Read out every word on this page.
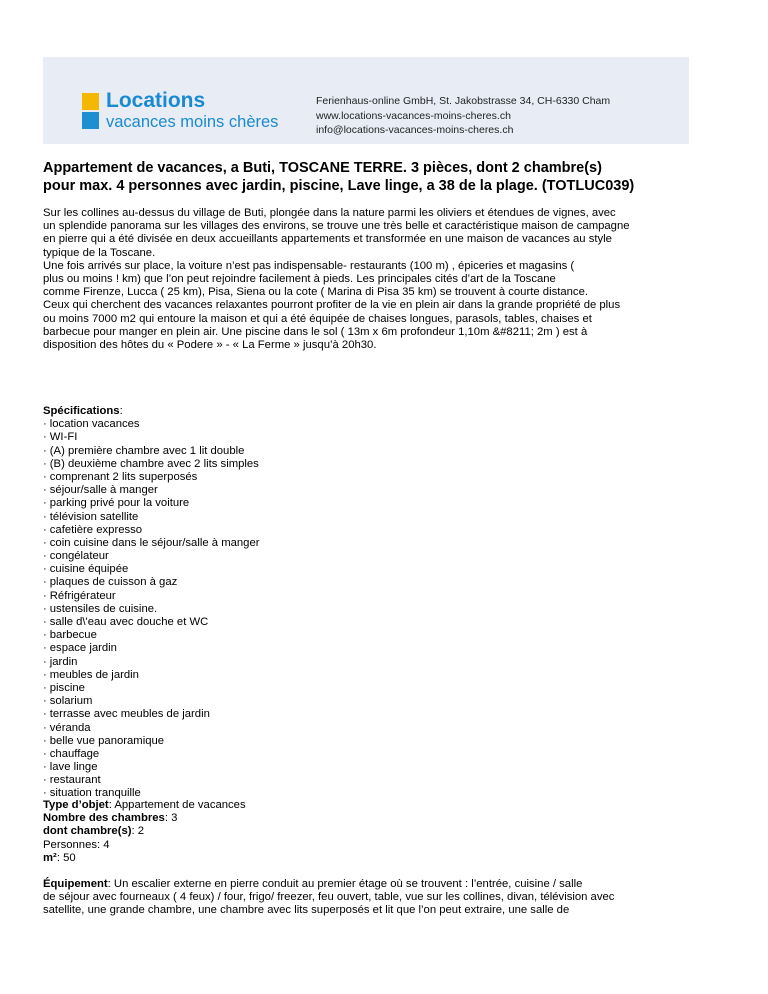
Locations
vacances moins chères
Ferienhaus-online GmbH, St. Jakobstrasse 34, CH-6330 Cham
www.locations-vacances-moins-cheres.ch
info@locations-vacances-moins-cheres.ch
Appartement de vacances, a Buti, TOSCANE TERRE. 3 pièces, dont 2 chambre(s)
pour max. 4 personnes avec jardin, piscine, Lave linge, a 38 de la plage. (TOTLUC039)
Sur les collines au-dessus du village de Buti, plongée dans la nature parmi les oliviers et étendues de vignes, avec
un splendide panorama sur les villages des environs, se trouve une très belle et caractéristique maison de campagne
en pierre qui a été divisée en deux accueillants appartements et transformée en une maison de vacances au style
typique de la Toscane.
Une fois arrivés sur place, la voiture n’est pas indispensable- restaurants (100 m) , épiceries et magasins (
plus ou moins ! km) que l’on peut rejoindre facilement à pieds. Les principales cités d’art de la Toscane
comme Firenze, Lucca ( 25 km), Pisa, Siena ou la cote ( Marina di Pisa 35 km) se trouvent à courte distance.
Ceux qui cherchent des vacances relaxantes pourront profiter de la vie en plein air dans la grande propriété de plus
ou moins 7000 m2 qui entoure la maison et qui a été équipée de chaises longues, parasols, tables, chaises et
barbecue pour manger en plein air. Une piscine dans le sol ( 13m x 6m profondeur 1,10m &#8211; 2m ) est à
disposition des hôtes du « Podere » - « La Ferme » jusqu’à 20h30.
Spécifications:
· location vacances
· WI-FI
· (A) première chambre avec 1 lit double
· (B) deuxième chambre avec 2 lits simples
· comprenant 2 lits superposés
· séjour/salle à manger
· parking privé pour la voiture
· télévision satellite
· cafetière expresso
· coin cuisine dans le séjour/salle à manger
· congélateur
· cuisine équipée
· plaques de cuisson à gaz
· Réfrigérateur
· ustensiles de cuisine.
· salle d\'eau avec douche et WC
· barbecue
· espace jardin
· jardin
· meubles de jardin
· piscine
· solarium
· terrasse avec meubles de jardin
· véranda
· belle vue panoramique
· chauffage
· lave linge
· restaurant
· situation tranquille
Type d’objet: Appartement de vacances
Nombre des chambres: 3
dont chambre(s): 2
Personnes: 4
m²: 50
Équipement: Un escalier externe en pierre conduit au premier étage où se trouvent : l’entrée, cuisine / salle
de séjour avec fourneaux ( 4 feux) / four, frigo/ freezer, feu ouvert, table, vue sur les collines, divan, télévision avec
satellite, une grande chambre, une chambre avec lits superposés et lit que l’on peut extraire, une salle de
